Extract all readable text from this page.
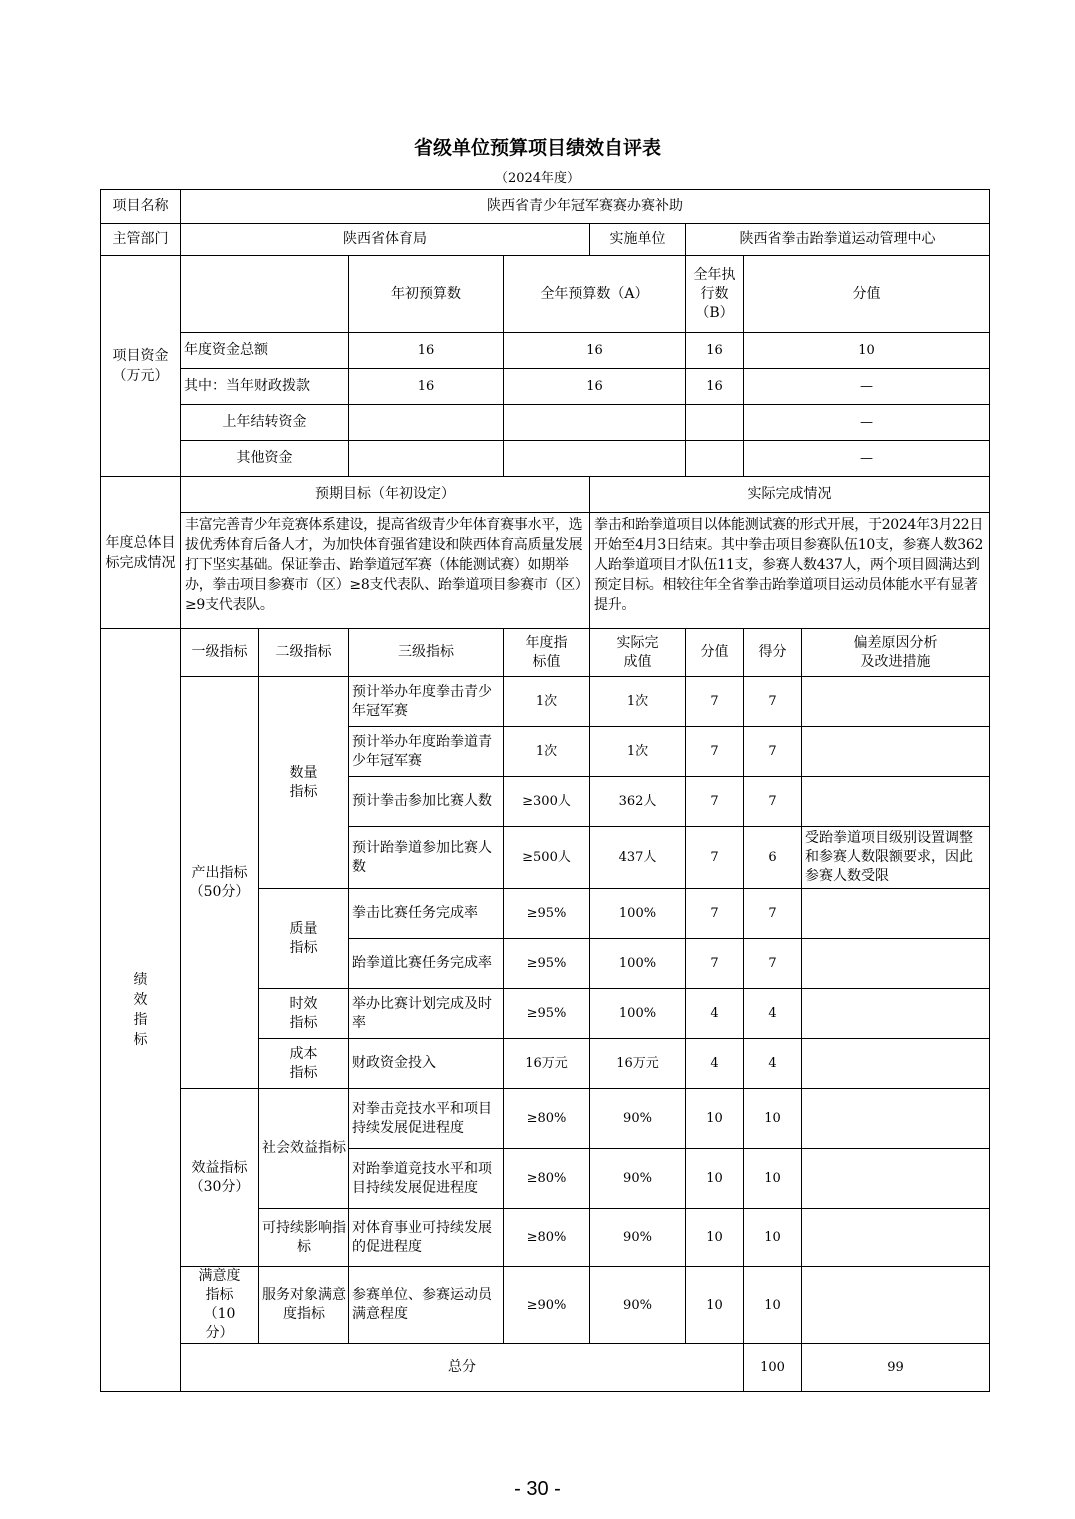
省级单位预算项目绩效自评表
（2024年度）
项目名称	陕西省青少年冠军赛赛办赛补助								
主管部门	陕西省体育局				实施单位	陕西省拳击跆拳道运动管理中心			
项目资金（万元）			年初预算数	全年预算数（A）		全年执行数（B）	分值		
	年度资金总额		16	16		16	10		
	其中：当年财政拨款		16	16		16	—		
	上年结转资金						—		
	其他资金						—		
年度总体目标完成情况	预期目标（年初设定）				实际完成情况				
	丰富完善青少年竞赛体系建设，提高省级青少年体育赛事水平，选拔优秀体育后备人才，为加快体育强省建设和陕西体育高质量发展打下坚实基础。保证拳击、跆拳道冠军赛（体能测试赛）如期举办，拳击项目参赛市（区）≥8支代表队、跆拳道项目参赛市（区）≥9支代表队。				拳击和跆拳道项目以体能测试赛的形式开展，于2024年3月22日开始至4月3日结束。其中拳击项目参赛队伍10支，参赛人数362人跆拳道项目才队伍11支，参赛人数437人，两个项目圆满达到预定目标。相较往年全省拳击跆拳道项目运动员体能水平有显著提升。				

绩效指标	一级指标	二级指标	三级指标	年度指标值	实际完成值	分值	得分	偏差原因分析及改进措施	

	产出指标（50分）	数量指标	预计举办年度拳击青少年冠军赛	1次	1次	7	7		
			预计举办年度跆拳道青少年冠军赛	1次	1次	7	7		
			预计拳击参加比赛人数	≥300人	362人	7	7		
			预计跆拳道参加比赛人数	≥500人	437人	7	6	受跆拳道项目级别设置调整和参赛人数限额要求，因此参赛人数受限	

		质量指标	拳击比赛任务完成率	≥95%	100%	7	7		
			跆拳道比赛任务完成率	≥95%	100%	7	7		

		时效指标	举办比赛计划完成及时率	≥95%	100%	4	4		

		成本指标	财政资金投入	16万元	16万元	4	4		

	效益指标（30分）	社会效益指标	对拳击竞技水平和项目持续发展促进程度	≥80%	90%	10	10		
			对跆拳道竞技水平和项目持续发展促进程度	≥80%	90%	10	10		

		可持续影响指标	对体育事业可持续发展的促进程度	≥80%	90%	10	10		

	满意度指标（10分）	服务对象满意度指标	参赛单位、参赛运动员满意程度	≥90%	90%	10	10		
	总分						100	99	
- 30 -
